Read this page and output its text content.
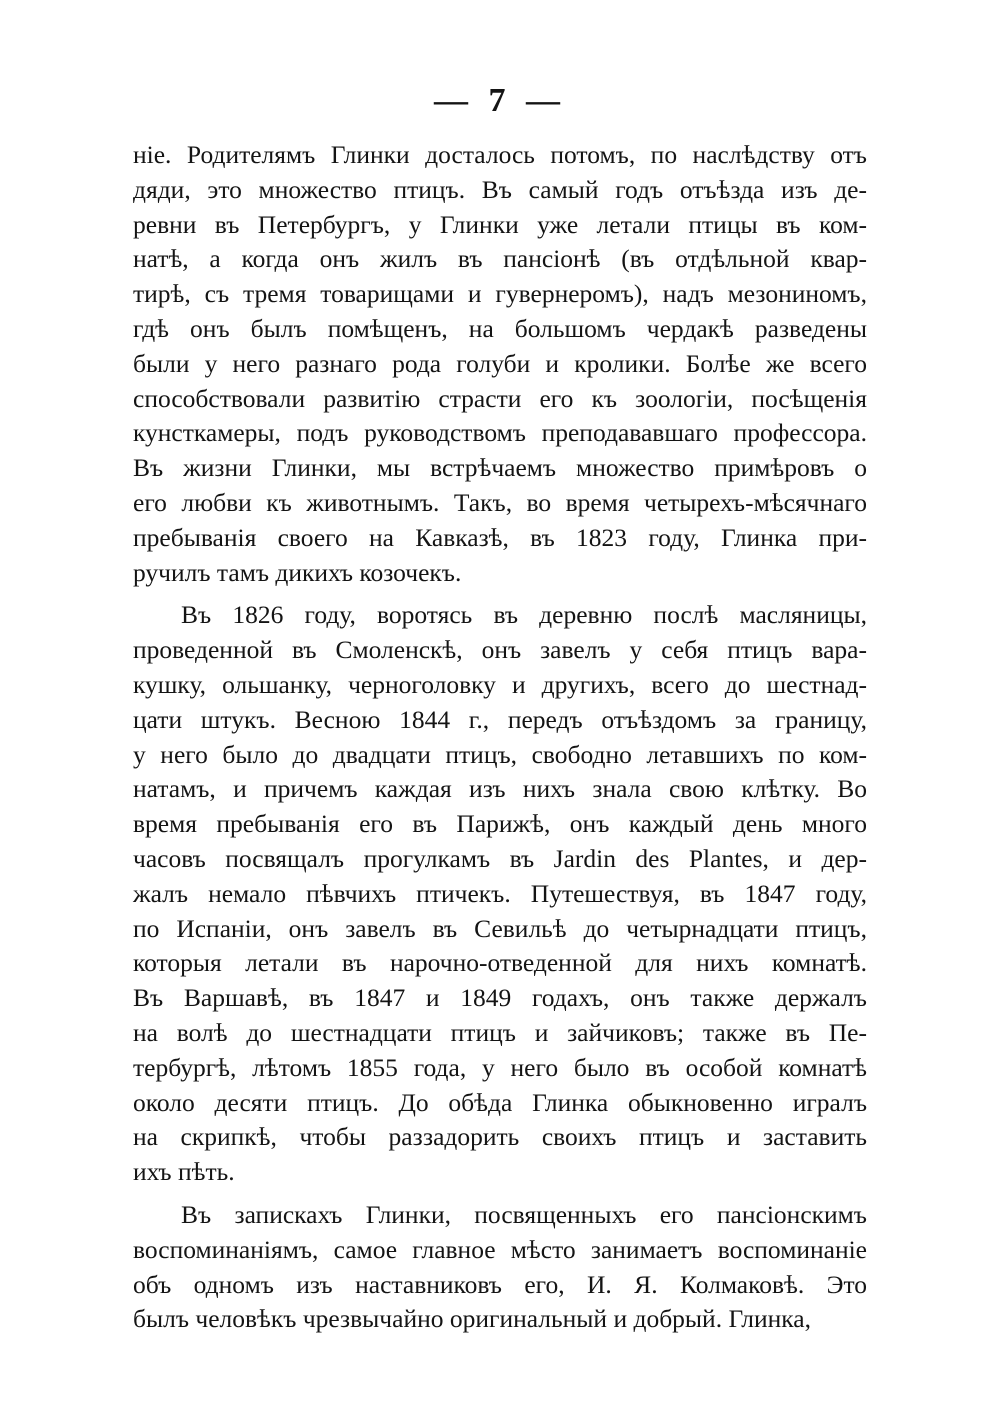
— 7 —
ніе. Родителямъ Глинки досталось потомъ, по наслѣдству отъ
дяди, это множество птицъ. Въ самый годъ отъѣзда изъ де-
ревни въ Петербургъ, у Глинки уже летали птицы въ ком-
натѣ, а когда онъ жилъ въ пансіонѣ (въ отдѣльной квар-
тирѣ, съ тремя товарищами и гувернеромъ), надъ мезониномъ,
гдѣ онъ былъ помѣщенъ, на большомъ чердакѣ разведены
были у него разнаго рода голуби и кролики. Болѣе же всего
способствовали развитію страсти его къ зоологіи, посѣщенія
кунсткамеры, подъ руководствомъ преподававшаго профессора.
Въ жизни Глинки, мы встрѣчаемъ множество примѣровъ о
его любви къ животнымъ. Такъ, во время четырехъ-мѣсячнаго
пребыванія своего на Кавказѣ, въ 1823 году, Глинка при-
ручилъ тамъ дикихъ козочекъ.
Въ 1826 году, воротясь въ деревню послѣ масляницы,
проведенной въ Смоленскѣ, онъ завелъ у себя птицъ вара-
кушку, ольшанку, черноголовку и другихъ, всего до шестнад-
цати штукъ. Весною 1844 г., передъ отъѣздомъ за границу,
у него было до двадцати птицъ, свободно летавшихъ по ком-
натамъ, и причемъ каждая изъ нихъ знала свою клѣтку. Во
время пребыванія его въ Парижѣ, онъ каждый день много
часовъ посвящалъ прогулкамъ въ Jardin des Plantes, и дер-
жалъ немало пѣвчихъ птичекъ. Путешествуя, въ 1847 году,
по Испаніи, онъ завелъ въ Севильѣ до четырнадцати птицъ,
которыя летали въ нарочно-отведенной для нихъ комнатѣ.
Въ Варшавѣ, въ 1847 и 1849 годахъ, онъ также держалъ
на волѣ до шестнадцати птицъ и зайчиковъ; также въ Пе-
тербургѣ, лѣтомъ 1855 года, у него было въ особой комнатѣ
около десяти птицъ. До обѣда Глинка обыкновенно игралъ
на скрипкѣ, чтобы раззадорить своихъ птицъ и заставить
ихъ пѣть.
Въ запискахъ Глинки, посвященныхъ его пансіонскимъ
воспоминаніямъ, самое главное мѣсто занимаетъ воспоминаніе
объ одномъ изъ наставниковъ его, И. Я. Колмаковѣ. Это
былъ человѣкъ чрезвычайно оригинальный и добрый. Глинка,
